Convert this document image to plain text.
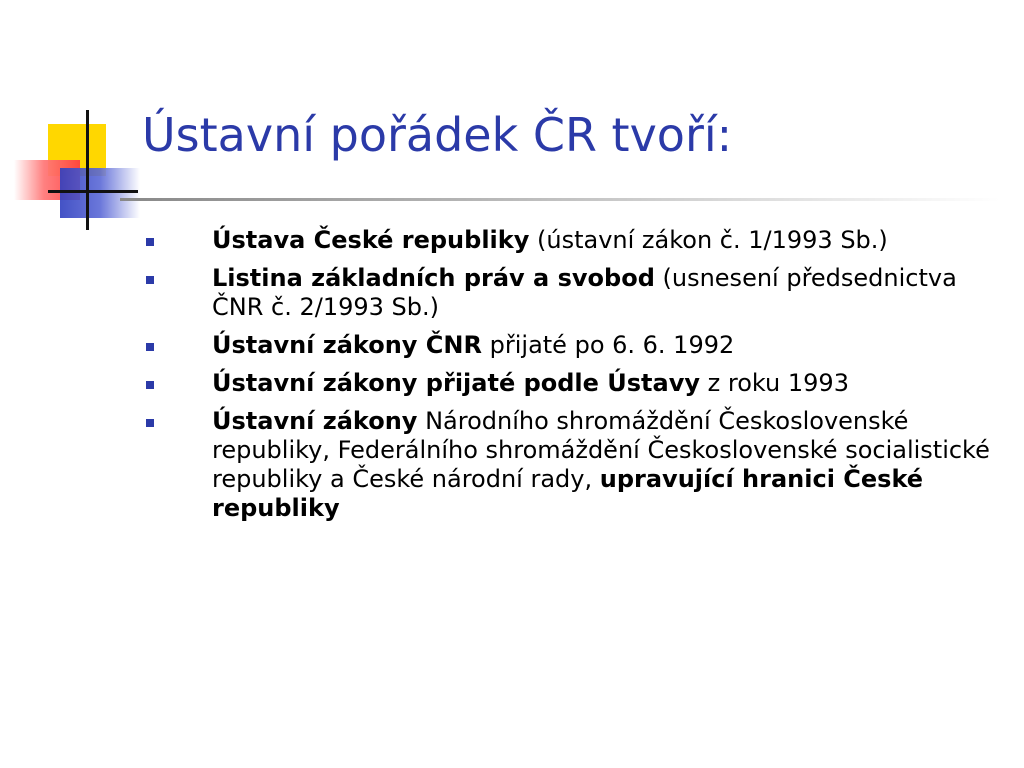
Ústavní pořádek ČR tvoří:
Ústava České republiky (ústavní zákon č. 1/1993 Sb.)
Listina základních práv a svobod (usnesení předsednictva ČNR č. 2/1993 Sb.)
Ústavní zákony ČNR přijaté po 6. 6. 1992
Ústavní zákony přijaté podle Ústavy z roku 1993
Ústavní zákony Národního shromáždění Československé republiky, Federálního shromáždění Československé socialistické republiky a České národní rady, upravující hranici České republiky
